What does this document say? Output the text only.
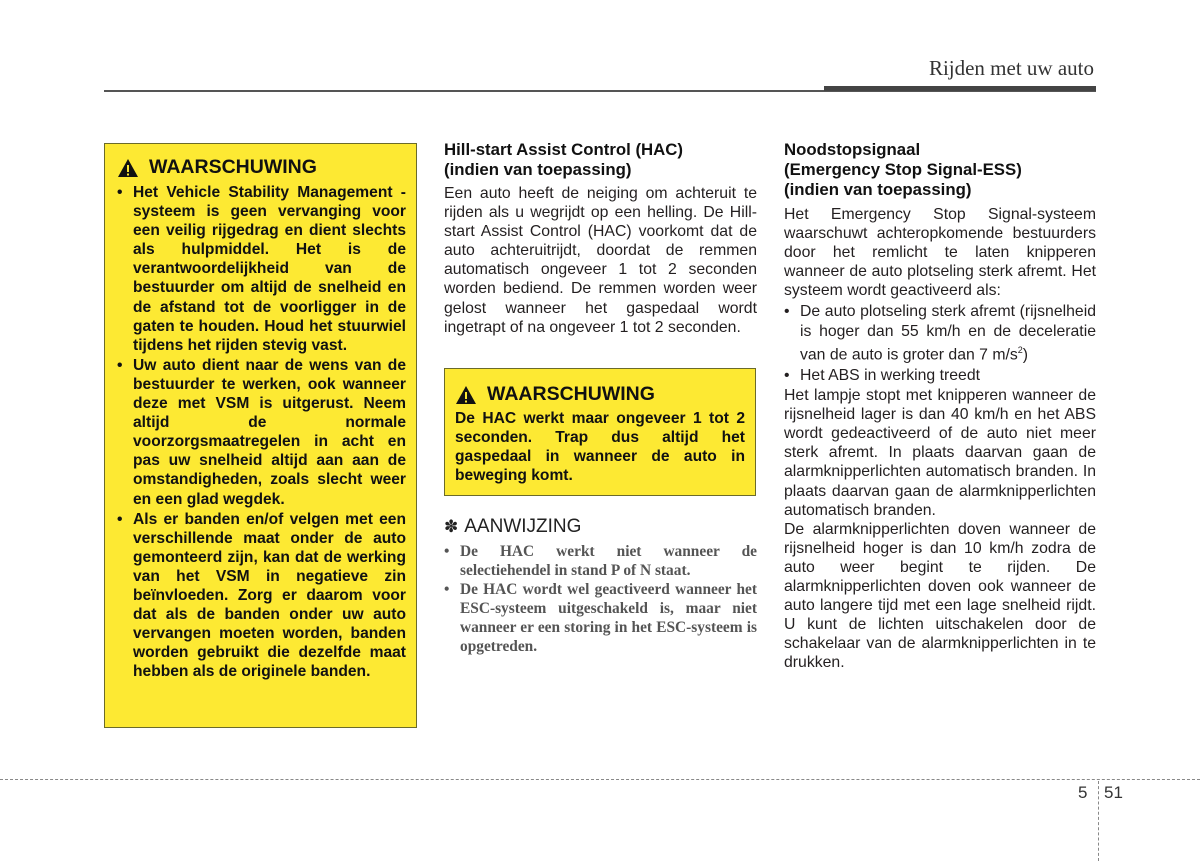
Rijden met uw auto
WAARSCHUWING
• Het Vehicle Stability Management -systeem is geen vervanging voor een veilig rijgedrag en dient slechts als hulpmiddel. Het is de verantwoordelijkheid van de bestuurder om altijd de snelheid en de afstand tot de voorligger in de gaten te houden. Houd het stuurwiel tijdens het rijden stevig vast.
• Uw auto dient naar de wens van de bestuurder te werken, ook wanneer deze met VSM is uitgerust. Neem altijd de normale voorzorgsmaatregelen in acht en pas uw snelheid altijd aan aan de omstandigheden, zoals slecht weer en een glad wegdek.
• Als er banden en/of velgen met een verschillende maat onder de auto gemonteerd zijn, kan dat de werking van het VSM in negatieve zin beïnvloeden. Zorg er daarom voor dat als de banden onder uw auto vervangen moeten worden, banden worden gebruikt die dezelfde maat hebben als de originele banden.
Hill-start Assist Control (HAC)
(indien van toepassing)

Een auto heeft de neiging om achteruit te rijden als u wegrijdt op een helling. De Hill-start Assist Control (HAC) voorkomt dat de auto achteruitrijdt, doordat de remmen automatisch ongeveer 1 tot 2 seconden worden bediend. De remmen worden weer gelost wanneer het gaspedaal wordt ingetrapt of na ongeveer 1 tot 2 seconden.

WAARSCHUWING
De HAC werkt maar ongeveer 1 tot 2 seconden. Trap dus altijd het gaspedaal in wanneer de auto in beweging komt.
✽ AANWIJZING
• De HAC werkt niet wanneer de selectiehendel in stand P of N staat.
• De HAC wordt wel geactiveerd wanneer het ESC-systeem uitgeschakeld is, maar niet wanneer er een storing in het ESC-systeem is opgetreden.
Noodstopsignaal
(Emergency Stop Signal-ESS)
(indien van toepassing)

Het Emergency Stop Signal-systeem waarschuwt achteropkomende bestuurders door het remlicht te laten knipperen wanneer de auto plotseling sterk afremt. Het systeem wordt geactiveerd als:

• De auto plotseling sterk afremt (rijsnelheid is hoger dan 55 km/h en de deceleratie van de auto is groter dan 7 $m/s^2$)
• Het ABS in werking treedt

Het lampje stopt met knipperen wanneer de rijsnelheid lager is dan 40 km/h en het ABS wordt gedeactiveerd of de auto niet meer sterk afremt. In plaats daarvan gaan de alarmknipperlichten automatisch branden. In plaats daarvan gaan de alarmknipperlichten automatisch branden.

De alarmknipperlichten doven wanneer de rijsnelheid hoger is dan 10 km/h zodra de auto weer begint te rijden. De alarmknipperlichten doven ook wanneer de auto langere tijd met een lage snelheid rijdt. U kunt de lichten uitschakelen door de schakelaar van de alarmknipperlichten in te drukken.

5 51
